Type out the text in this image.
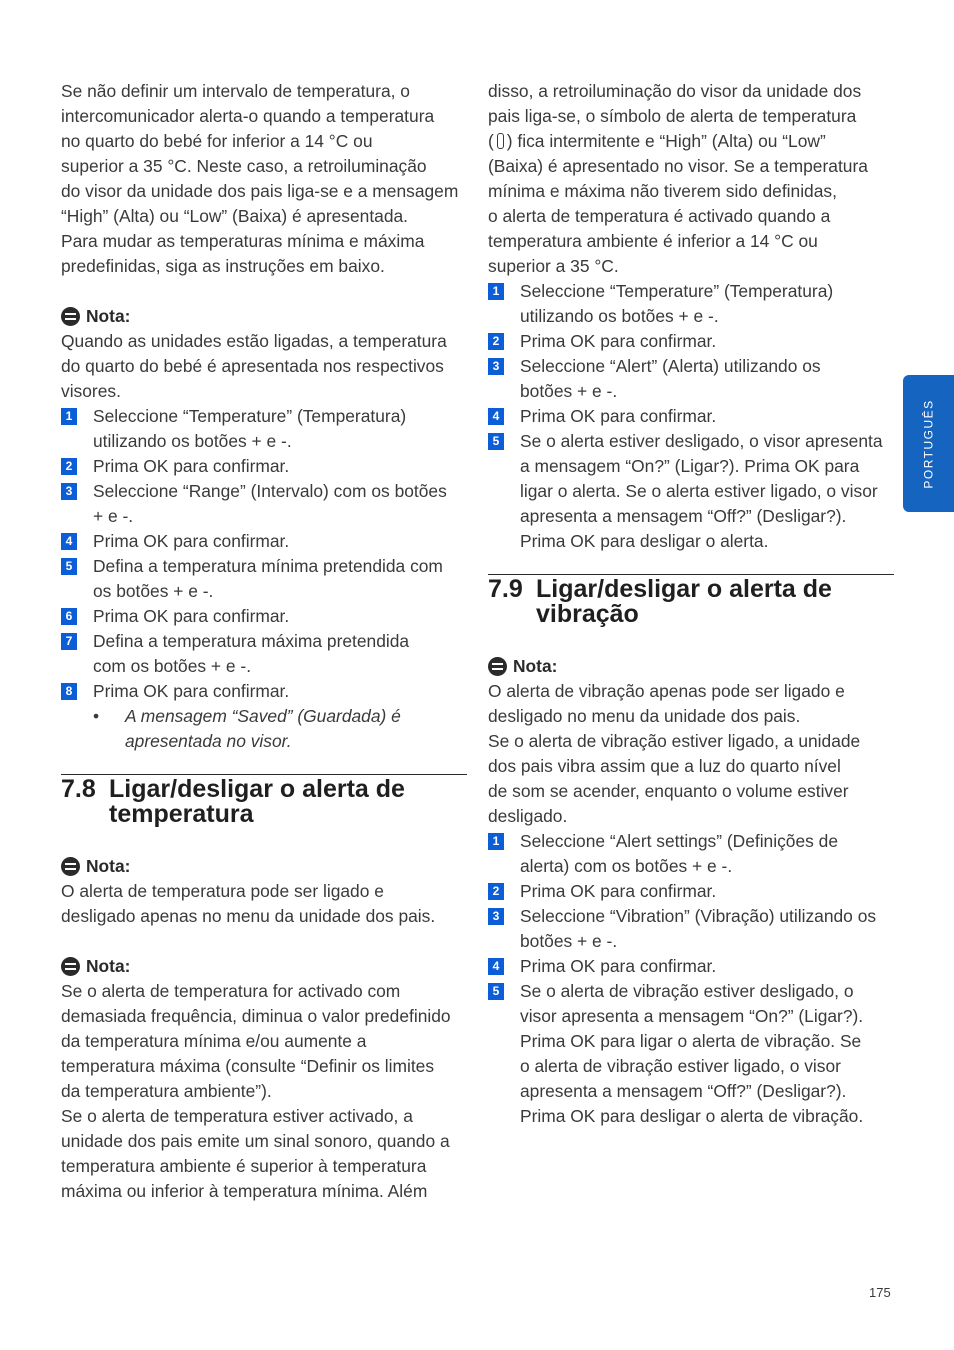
Se não definir um intervalo de temperatura, o

intercomunicador alerta-o quando a temperatura

no quarto do bebé for inferior a 14 °C ou

superior a 35 °C. Neste caso, a retroiluminação

do visor da unidade dos pais liga-se e a mensagem

“High” (Alta) ou “Low” (Baixa) é apresentada.

Para mudar as temperaturas mínima e máxima

predefinidas, siga as instruções em baixo.

Nota:

Quando as unidades estão ligadas, a temperatura

do quarto do bebé é apresentada nos respectivos

visores.

1 Seleccione “Temperature” (Temperatura)

utilizando os botões + e -.

2 Prima OK para confirmar.

3 Seleccione “Range” (Intervalo) com os botões

+ e -.

4 Prima OK para confirmar.

5 Defina a temperatura mínima pretendida com

os botões + e -.

6 Prima OK para confirmar.

7 Defina a temperatura máxima pretendida

com os botões + e -.

8 Prima OK para confirmar.

•	A mensagem “Saved” (Guardada) é

apresentada no visor.

7.8 Ligar/desligar o alerta de
temperatura
Nota:

O alerta de temperatura pode ser ligado e

desligado apenas no menu da unidade dos pais.

Nota:

Se o alerta de temperatura for activado com

demasiada frequência, diminua o valor predefinido

da temperatura mínima e/ou aumente a

temperatura máxima (consulte “Definir os limites

da temperatura ambiente”).

Se o alerta de temperatura estiver activado, a

unidade dos pais emite um sinal sonoro, quando a

temperatura ambiente é superior à temperatura

máxima ou inferior à temperatura mínima. Além

disso, a retroiluminação do visor da unidade dos

pais liga-se, o símbolo de alerta de temperatura

( ) fica intermitente e “High” (Alta) ou “Low”

(Baixa) é apresentado no visor. Se a temperatura

mínima e máxima não tiverem sido definidas,

o alerta de temperatura é activado quando a

temperatura ambiente é inferior a 14 °C ou

superior a 35 °C.

1 Seleccione “Temperature” (Temperatura)

utilizando os botões + e -.

2 Prima OK para confirmar.

3 Seleccione “Alert” (Alerta) utilizando os

botões + e -.

4 Prima OK para confirmar.

5 Se o alerta estiver desligado, o visor apresenta

a mensagem “On?” (Ligar?). Prima OK para

ligar o alerta. Se o alerta estiver ligado, o visor

apresenta a mensagem “Off?” (Desligar?).

Prima OK para desligar o alerta.

7.9 Ligar/desligar o alerta de
vibração
Nota:

O alerta de vibração apenas pode ser ligado e

desligado no menu da unidade dos pais.

Se o alerta de vibração estiver ligado, a unidade

dos pais vibra assim que a luz do quarto nível

de som se acender, enquanto o volume estiver

desligado.

1 Seleccione “Alert settings” (Definições de

alerta) com os botões + e -.

2 Prima OK para confirmar.

3 Seleccione “Vibration” (Vibração) utilizando os

botões + e -.

4 Prima OK para confirmar.

5 Se o alerta de vibração estiver desligado, o

visor apresenta a mensagem “On?” (Ligar?).

Prima OK para ligar o alerta de vibração. Se

o alerta de vibração estiver ligado, o visor

apresenta a mensagem “Off?” (Desligar?).

Prima OK para desligar o alerta de vibração.

PORTUGUÊS
175
